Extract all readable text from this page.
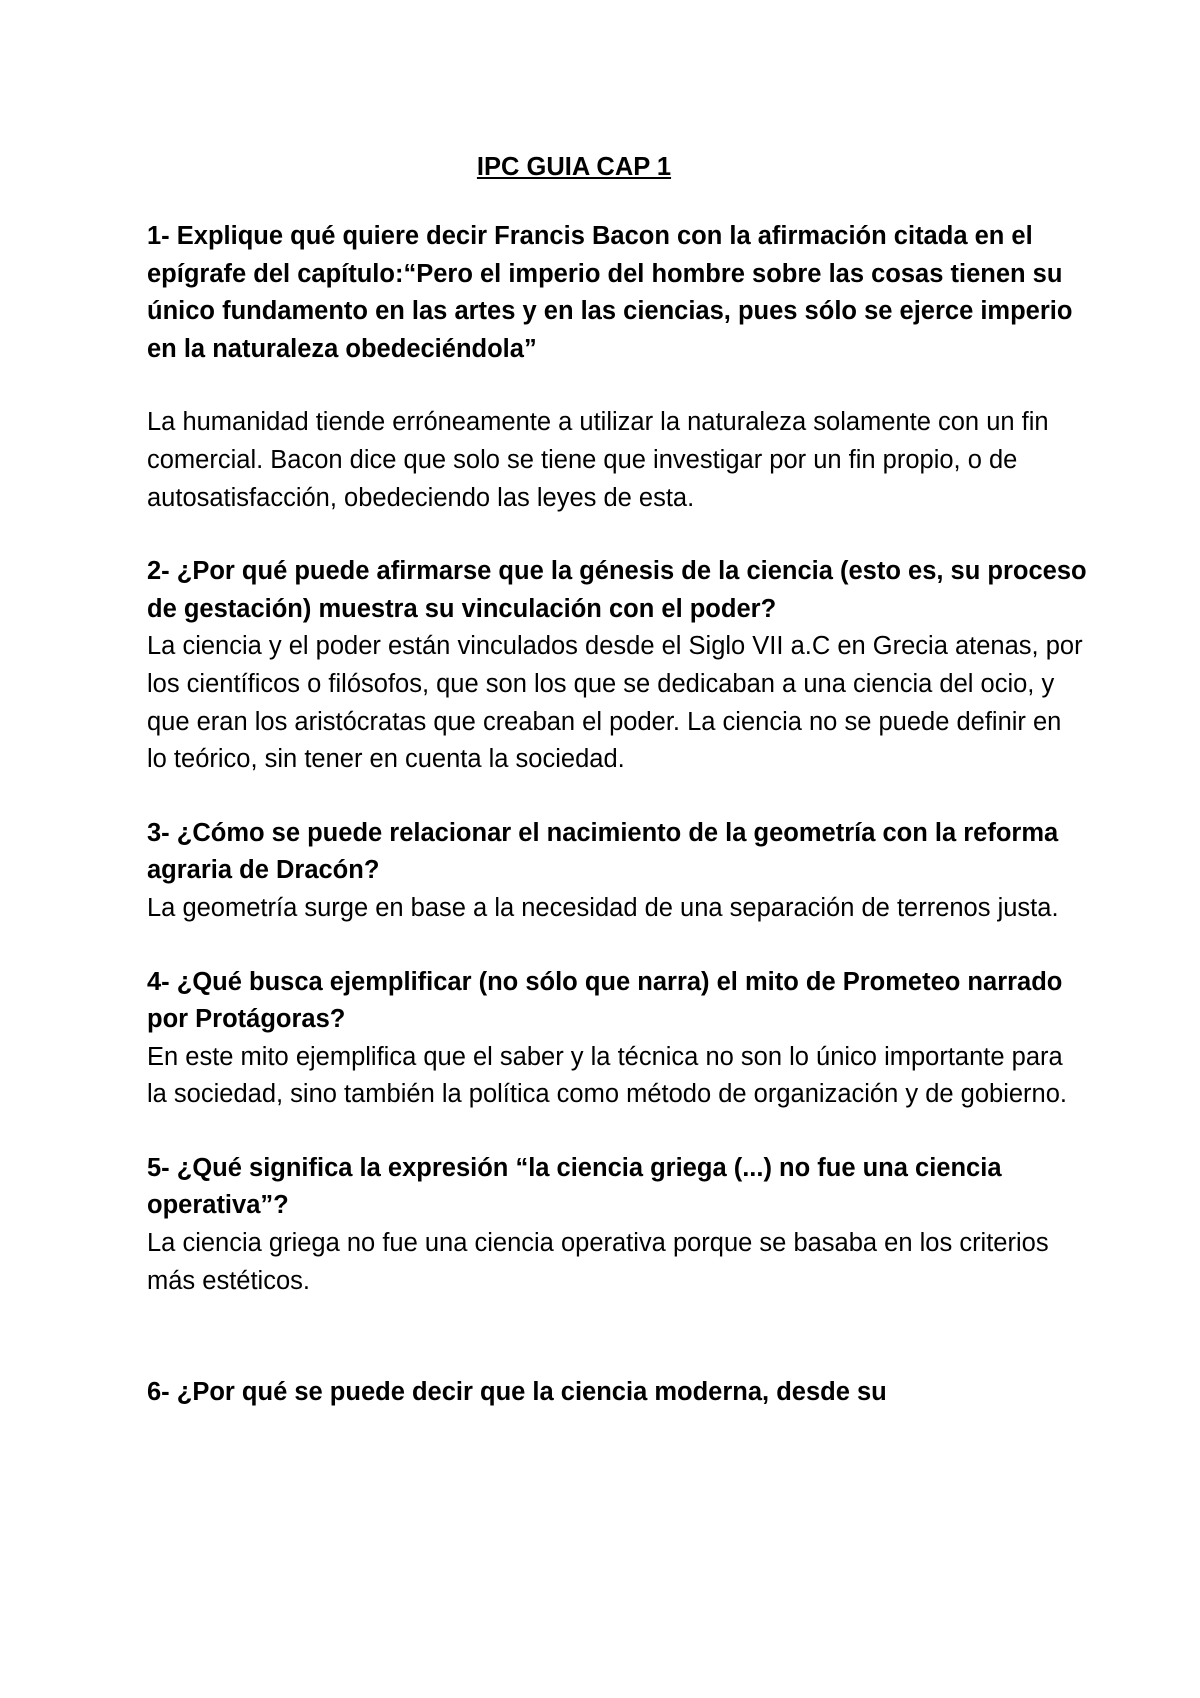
IPC GUIA CAP 1

1- Explique qué quiere decir Francis Bacon con la afirmación citada en el epígrafe del capítulo:“Pero el imperio del hombre sobre las cosas tienen su único fundamento en las artes y en las ciencias, pues sólo se ejerce imperio en la naturaleza obedeciéndola”

La humanidad tiende erróneamente a utilizar la naturaleza solamente con un fin comercial. Bacon dice que solo se tiene que investigar por un fin propio, o de autosatisfacción, obedeciendo las leyes de esta.

2- ¿Por qué puede afirmarse que la génesis de la ciencia (esto es, su proceso de gestación) muestra su vinculación con el poder?

La ciencia y el poder están vinculados desde el Siglo VII a.C en Grecia atenas, por los científicos o filósofos, que son los que se dedicaban a una ciencia del ocio, y que eran los aristócratas que creaban el poder. La ciencia no se puede definir en lo teórico, sin tener en cuenta la sociedad.

3- ¿Cómo se puede relacionar el nacimiento de la geometría con la reforma agraria de Dracón?

La geometría surge en base a la necesidad de una separación de terrenos justa.

4- ¿Qué busca ejemplificar (no sólo que narra) el mito de Prometeo narrado por Protágoras?

En este mito ejemplifica que el saber y la técnica no son lo único importante para la sociedad, sino también la política como método de organización y de gobierno.

5- ¿Qué significa la expresión “la ciencia griega (...) no fue una ciencia operativa”?

La ciencia griega no fue una ciencia operativa porque se basaba en los criterios más estéticos.

6- ¿Por qué se puede decir que la ciencia moderna, desde su
